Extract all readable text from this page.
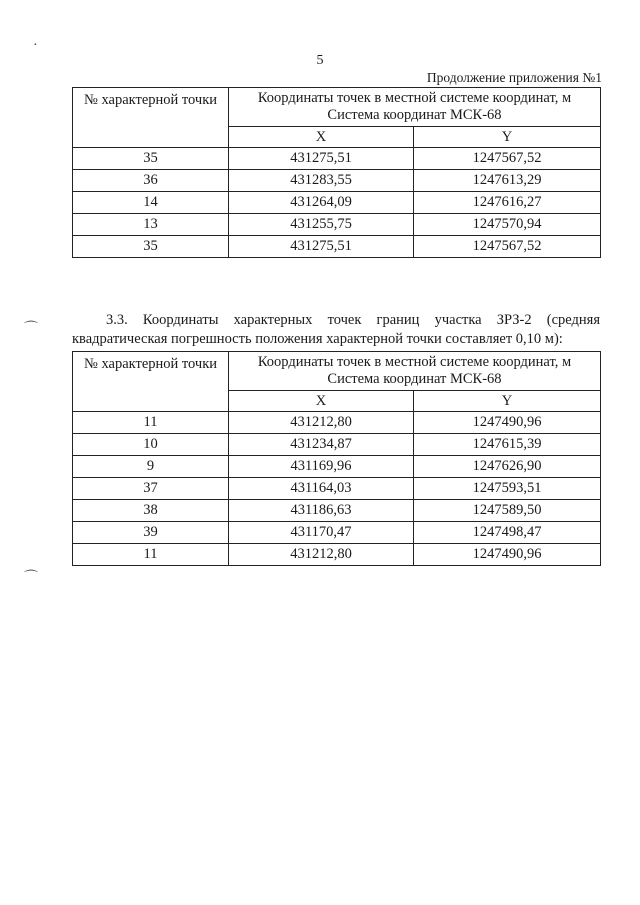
5
Продолжение приложения №1
·
⌒
⌒
№ характерной точки	Координаты точек в местной системе координат, м
Система координат МСК-68	

	X	Y
35	431275,51	1247567,52
36	431283,55	1247613,29
14	431264,09	1247616,27
13	431255,75	1247570,94
35	431275,51	1247567,52
3.3. Координаты характерных точек границ участка ЗРЗ-2 (средняя
квадратическая погрешность положения характерной точки составляет 0,10 м):
№ характерной точки	Координаты точек в местной системе координат, м
Система координат МСК-68	

	X	Y
11	431212,80	1247490,96
10	431234,87	1247615,39
9	431169,96	1247626,90
37	431164,03	1247593,51
38	431186,63	1247589,50
39	431170,47	1247498,47
11	431212,80	1247490,96
